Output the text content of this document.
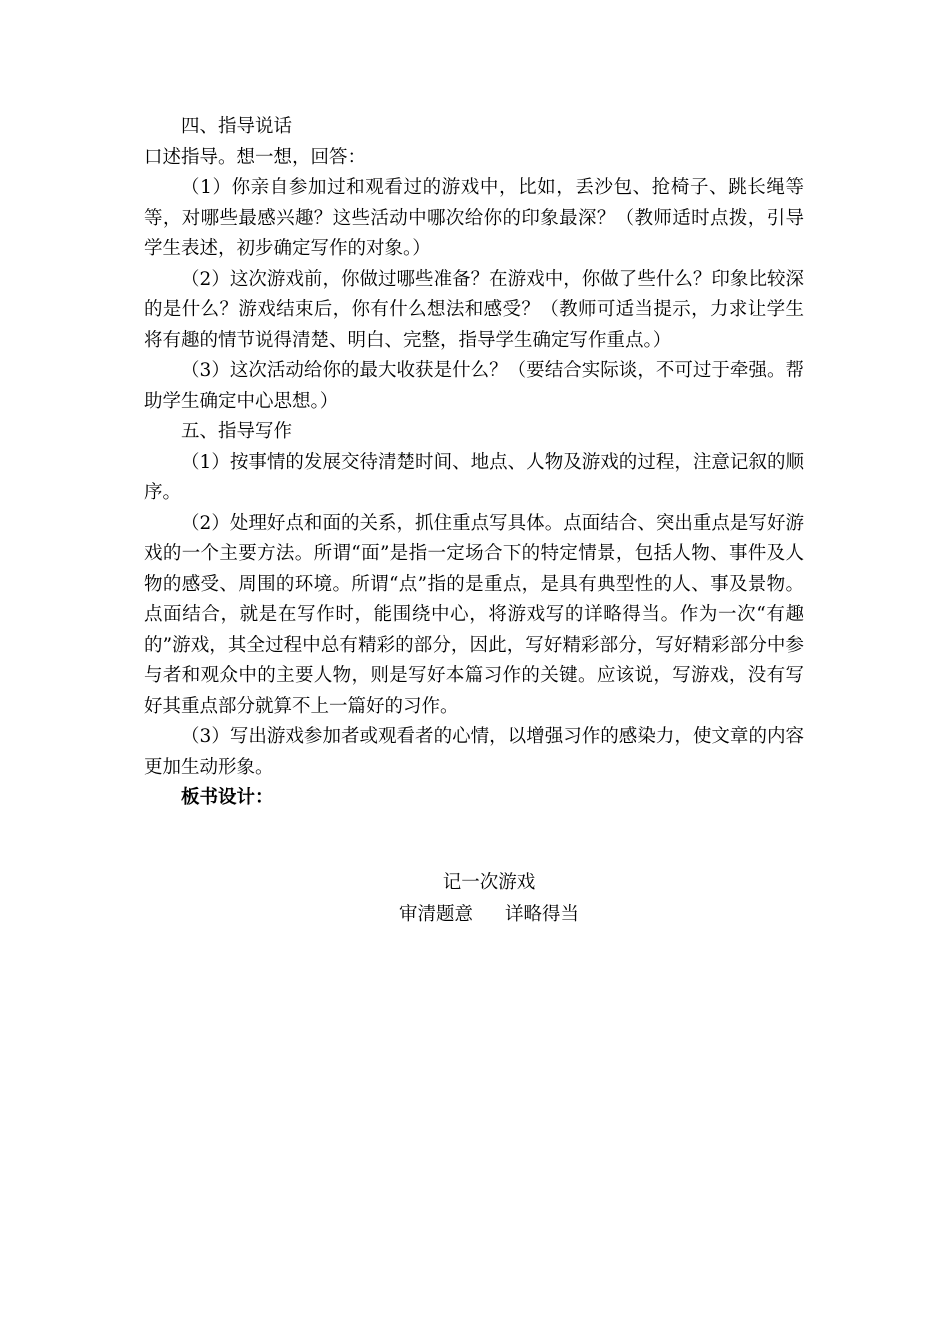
四、指导说话
口述指导。想一想，回答：
（1）你亲自参加过和观看过的游戏中，比如，丢沙包、抢椅子、跳长绳等等，对哪些最感兴趣？这些活动中哪次给你的印象最深？（教师适时点拨，引导学生表述，初步确定写作的对象。）
（2）这次游戏前，你做过哪些准备？在游戏中，你做了些什么？印象比较深的是什么？游戏结束后，你有什么想法和感受？（教师可适当提示，力求让学生将有趣的情节说得清楚、明白、完整，指导学生确定写作重点。）
（3）这次活动给你的最大收获是什么？（要结合实际谈，不可过于牵强。帮助学生确定中心思想。）
五、指导写作
（1）按事情的发展交待清楚时间、地点、人物及游戏的过程，注意记叙的顺序。
（2）处理好点和面的关系，抓住重点写具体。点面结合、突出重点是写好游戏的一个主要方法。所谓“面”是指一定场合下的特定情景，包括人物、事件及人物的感受、周围的环境。所谓“点”指的是重点，是具有典型性的人、事及景物。点面结合，就是在写作时，能围绕中心，将游戏写的详略得当。作为一次“有趣的”游戏，其全过程中总有精彩的部分，因此，写好精彩部分，写好精彩部分中参与者和观众中的主要人物，则是写好本篇习作的关键。应该说，写游戏，没有写好其重点部分就算不上一篇好的习作。
（3）写出游戏参加者或观看者的心情，以增强习作的感染力，使文章的内容更加生动形象。
板书设计：
记一次游戏
审清题意 详略得当
